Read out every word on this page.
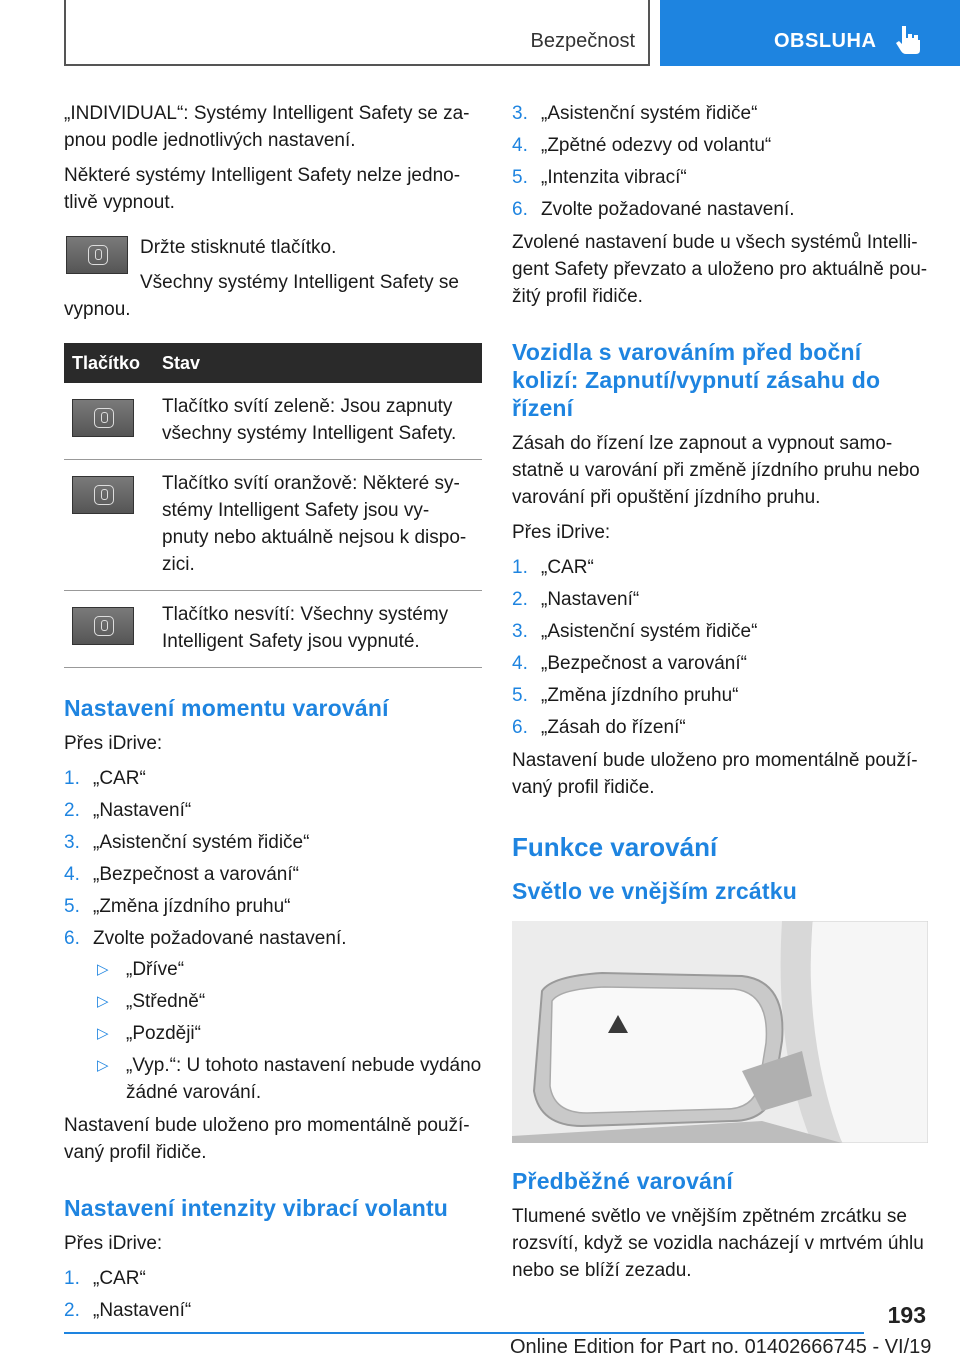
Bezpečnost	OBSLUHA

„INDIVIDUAL“: Systémy Intelligent Safety se za-pnou podle jednotlivých nastavení.

Některé systémy Intelligent Safety nelze jedno-tlivě vypnout.

Držte stisknuté tlačítko.

Všechny systémy Intelligent Safety se vypnou.

Tlačítko	Stav

	Tlačítko svítí zeleně: Jsou zapnuty všechny systémy Intelligent Safety.

	Tlačítko svítí oranžově: Některé sy-stémy Intelligent Safety jsou vy-pnuty nebo aktuálně nejsou k dispo-zici.

	Tlačítko nesvítí: Všechny systémy Intelligent Safety jsou vypnuté.
Nastavení momentu varování

Přes iDrive:

1. „CAR“
2. „Nastavení“
3. „Asistenční systém řidiče“
4. „Bezpečnost a varování“
5. „Změna jízdního pruhu“
6. Zvolte požadované nastavení.
▷ „Dříve“
▷ „Středně“
▷ „Později“
▷ „Vyp.“: U tohoto nastavení nebude vydáno žádné varování.

Nastavení bude uloženo pro momentálně použí-vaný profil řidiče.

Nastavení intenzity vibrací volantu

Přes iDrive:

1. „CAR“
2. „Nastavení“
3. „Asistenční systém řidiče“
4. „Zpětné odezvy od volantu“
5. „Intenzita vibrací“
6. Zvolte požadované nastavení.

Zvolené nastavení bude u všech systémů Intelli-gent Safety převzato a uloženo pro aktuálně pou-žitý profil řidiče.

Vozidla s varováním před boční kolizí: Zapnutí/vypnutí zásahu do řízení

Zásah do řízení lze zapnout a vypnout samo-statně u varování při změně jízdního pruhu nebo varování při opuštění jízdního pruhu.

Přes iDrive:

1. „CAR“
2. „Nastavení“
3. „Asistenční systém řidiče“
4. „Bezpečnost a varování“
5. „Změna jízdního pruhu“
6. „Zásah do řízení“

Nastavení bude uloženo pro momentálně použí-vaný profil řidiče.

Funkce varování
Světlo ve vnějším zrcátku
Předběžné varování

Tlumené světlo ve vnějším zpětném zrcátku se rozsvítí, když se vozidla nacházejí v mrtvém úhlu nebo se blíží zezadu.

193
Online Edition for Part no. 01402666745 - VI/19
